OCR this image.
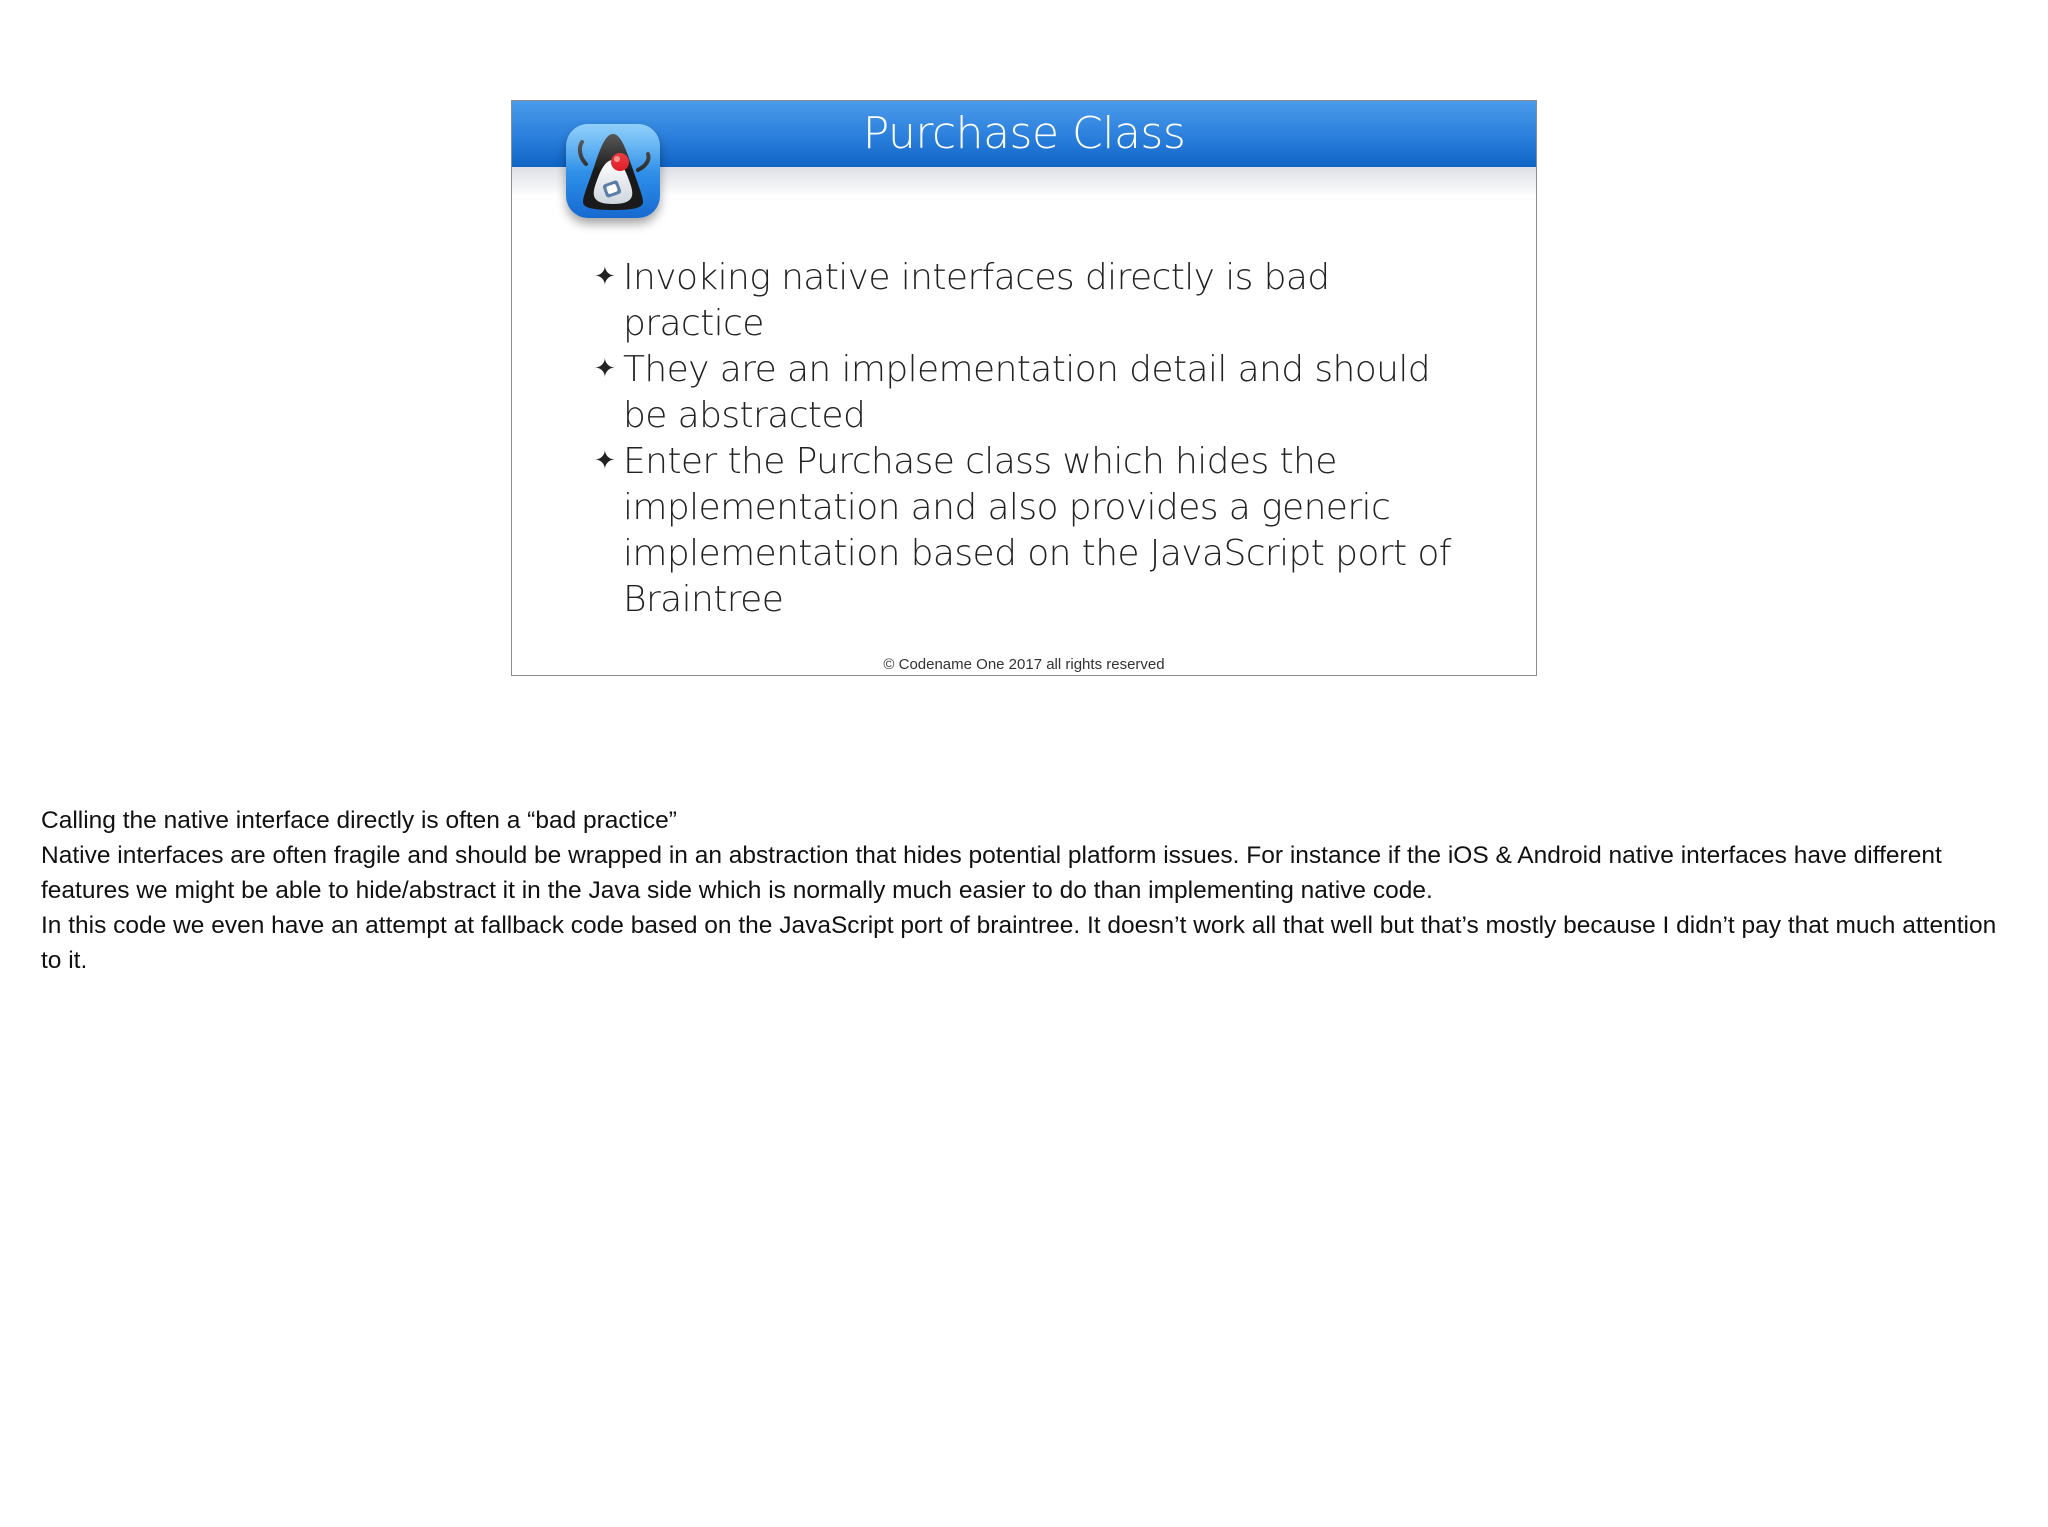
Purchase Class
✦ Invoking native interfaces directly is bad practice
✦ They are an implementation detail and should be abstracted
✦ Enter the Purchase class which hides the implementation and also provides a generic implementation based on the JavaScript port of Braintree
© Codename One 2017 all rights reserved

Calling the native interface directly is often a “bad practice”

Native interfaces are often fragile and should be wrapped in an abstraction that hides potential platform issues. For instance if the iOS & Android native interfaces have different features we might be able to hide/abstract it in the Java side which is normally much easier to do than implementing native code.

In this code we even have an attempt at fallback code based on the JavaScript port of braintree. It doesn’t work all that well but that’s mostly because I didn’t pay that much attention to it.
